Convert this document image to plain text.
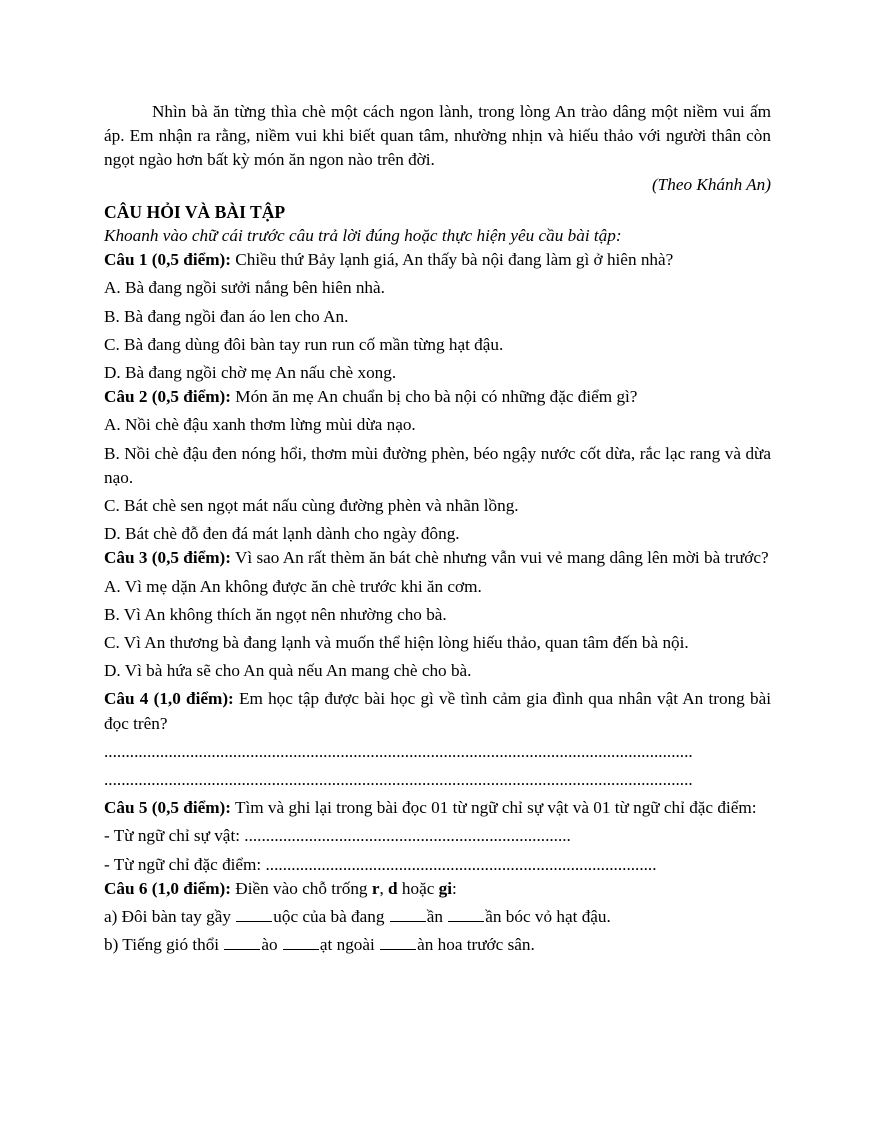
Nhìn bà ăn từng thìa chè một cách ngon lành, trong lòng An trào dâng một niềm vui ấm áp. Em nhận ra rằng, niềm vui khi biết quan tâm, nhường nhịn và hiếu thảo với người thân còn ngọt ngào hơn bất kỳ món ăn ngon nào trên đời.

(Theo Khánh An)

CÂU HỎI VÀ BÀI TẬP

Khoanh vào chữ cái trước câu trả lời đúng hoặc thực hiện yêu cầu bài tập:

Câu 1 (0,5 điểm): Chiều thứ Bảy lạnh giá, An thấy bà nội đang làm gì ở hiên nhà?

A. Bà đang ngồi sưởi nắng bên hiên nhà.

B. Bà đang ngồi đan áo len cho An.

C. Bà đang dùng đôi bàn tay run run cố mần từng hạt đậu.

D. Bà đang ngồi chờ mẹ An nấu chè xong.

Câu 2 (0,5 điểm): Món ăn mẹ An chuẩn bị cho bà nội có những đặc điểm gì?

A. Nồi chè đậu xanh thơm lừng mùi dừa nạo.

B. Nồi chè đậu đen nóng hổi, thơm mùi đường phèn, béo ngậy nước cốt dừa, rắc lạc rang và dừa nạo.

C. Bát chè sen ngọt mát nấu cùng đường phèn và nhãn lồng.

D. Bát chè đỗ đen đá mát lạnh dành cho ngày đông.

Câu 3 (0,5 điểm): Vì sao An rất thèm ăn bát chè nhưng vẫn vui vẻ mang dâng lên mời bà trước?

A. Vì mẹ dặn An không được ăn chè trước khi ăn cơm.

B. Vì An không thích ăn ngọt nên nhường cho bà.

C. Vì An thương bà đang lạnh và muốn thể hiện lòng hiếu thảo, quan tâm đến bà nội.

D. Vì bà hứa sẽ cho An quà nếu An mang chè cho bà.

Câu 4 (1,0 điểm): Em học tập được bài học gì về tình cảm gia đình qua nhân vật An trong bài đọc trên?

.........................................................................................................................................

.........................................................................................................................................

Câu 5 (0,5 điểm): Tìm và ghi lại trong bài đọc 01 từ ngữ chỉ sự vật và 01 từ ngữ chỉ đặc điểm:

- Từ ngữ chỉ sự vật: ............................................................................

- Từ ngữ chỉ đặc điểm: ...........................................................................................

Câu 6 (1,0 điểm): Điền vào chỗ trống r, d hoặc gi:

a) Đôi bàn tay gầy uộc của bà đang ần ần bóc vỏ hạt đậu.

b) Tiếng gió thổi ào ạt ngoài àn hoa trước sân.
